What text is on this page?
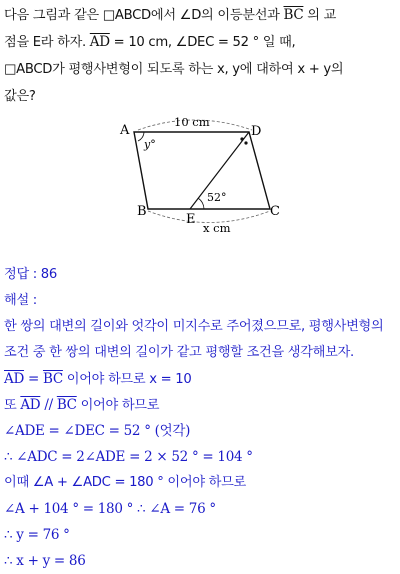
다음 그림과 같은 □ABCD에서 ∠D의 이등분선과 $\overline{BC}$ 의 교
점을 E라 하자. $\overline{AD} = 10$ cm, ∠DEC = 52 ° 일 때,
□ABCD가 평행사변형이 되도록 하는 x, y에 대하여 x + y의
값은?
A	D
B	C
E
10 cm
y°
52°
x cm
정답 : 86
해설 :
한 쌍의 대변의 길이와 엇각이 미지수로 주어졌으므로, 평행사변형의
조건 중 한 쌍의 대변의 길이가 같고 평행할 조건을 생각해보자.
$\overline{AD} = \overline{BC}$ 이어야 하므로 x = 10
또 $\overline{AD} // \overline{BC}$ 이어야 하므로
∠ADE = ∠DEC = 52 ° (엇각)
∴ ∠ADC = 2∠ADE = 2 × 52 ° = 104 °
이때 ∠A + ∠ADC = 180 ° 이어야 하므로
∠A + 104 ° = 180 ° ∴ ∠A = 76 °
∴ y = 76 °
∴ x + y = 86
